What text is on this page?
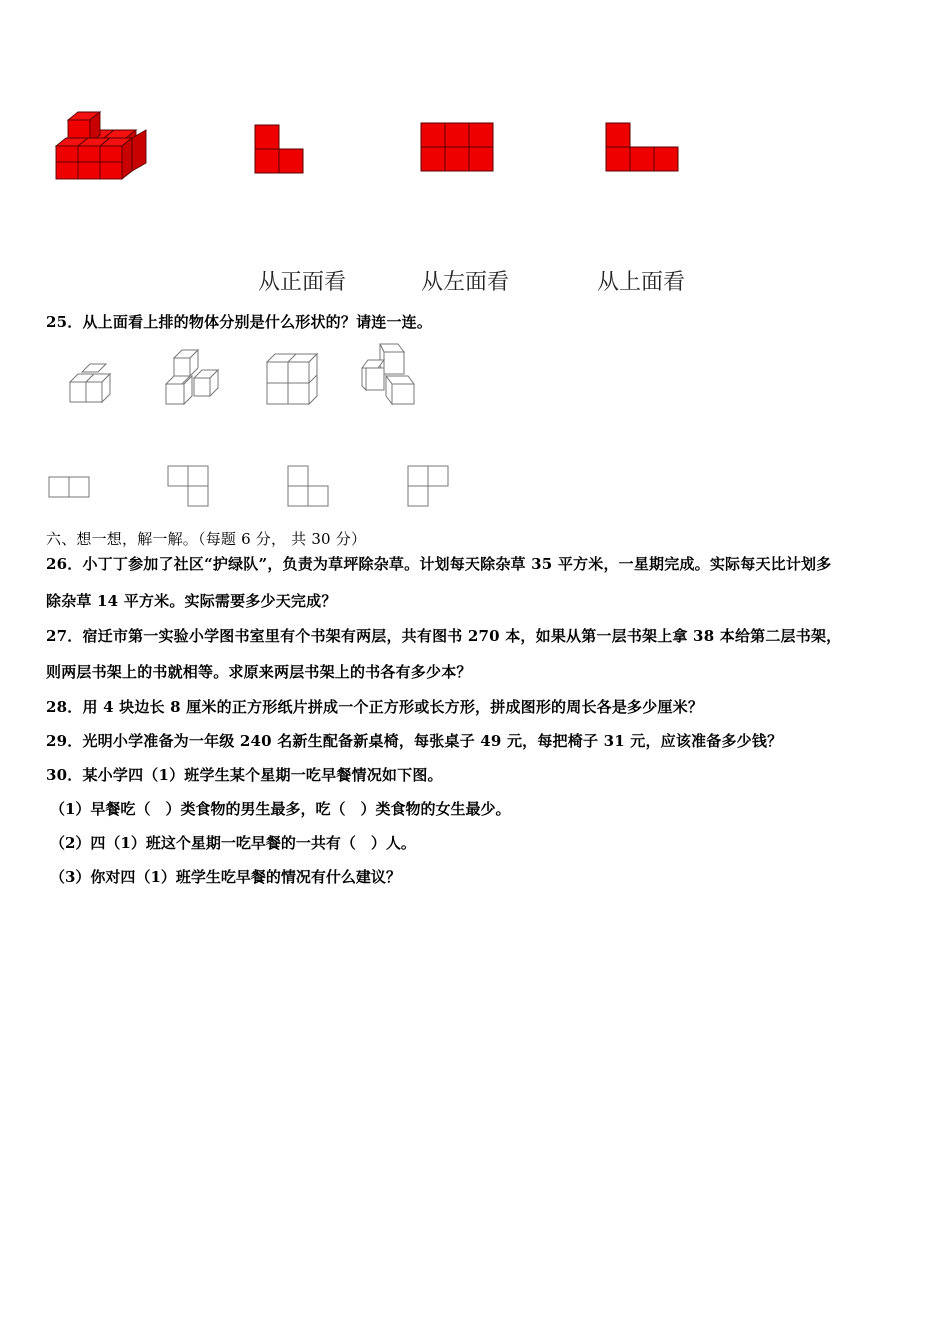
从正面看	从左面看	从上面看
25．从上面看上排的物体分别是什么形状的？请连一连。
六、想一想，解一解。（每题 6 分， 共 30 分）
26．小丁丁参加了社区“护绿队”，负责为草坪除杂草。计划每天除杂草 35 平方米，一星期完成。实际每天比计划多
除杂草 14 平方米。实际需要多少天完成？
27．宿迁市第一实验小学图书室里有个书架有两层，共有图书 270 本，如果从第一层书架上拿 38 本给第二层书架，
则两层书架上的书就相等。求原来两层书架上的书各有多少本？
28．用 4 块边长 8 厘米的正方形纸片拼成一个正方形或长方形，拼成图形的周长各是多少厘米？
29．光明小学准备为一年级 240 名新生配备新桌椅，每张桌子 49 元，每把椅子 31 元，应该准备多少钱？
30．某小学四（1）班学生某个星期一吃早餐情况如下图。
（1）早餐吃（　）类食物的男生最多，吃（　）类食物的女生最少。
（2）四（1）班这个星期一吃早餐的一共有（　）人。
（3）你对四（1）班学生吃早餐的情况有什么建议？
